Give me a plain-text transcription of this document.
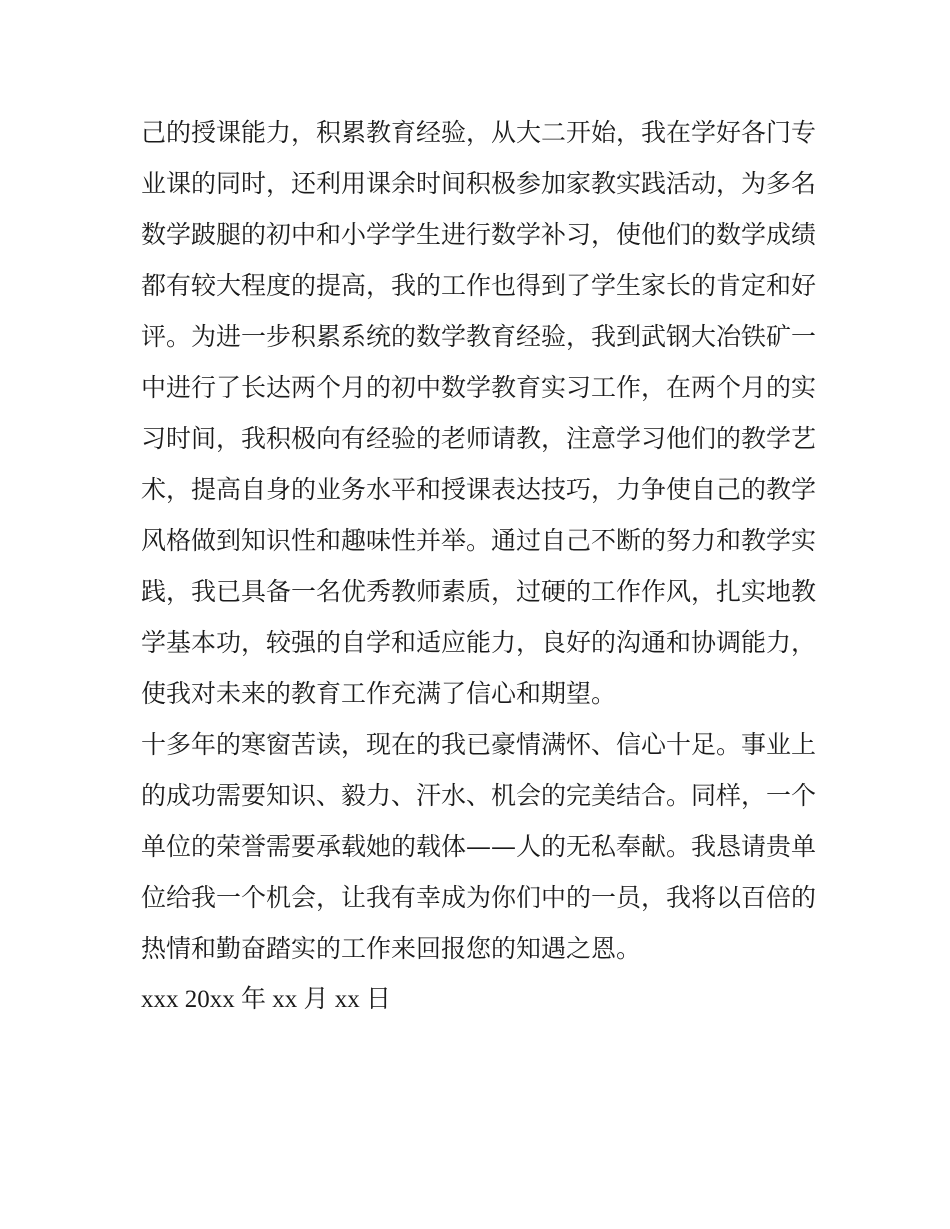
己的授课能力，积累教育经验，从大二开始，我在学好各门专
业课的同时，还利用课余时间积极参加家教实践活动，为多名
数学跛腿的初中和小学学生进行数学补习，使他们的数学成绩
都有较大程度的提高，我的工作也得到了学生家长的肯定和好
评。为进一步积累系统的数学教育经验，我到武钢大冶铁矿一
中进行了长达两个月的初中数学教育实习工作，在两个月的实
习时间，我积极向有经验的老师请教，注意学习他们的教学艺
术，提高自身的业务水平和授课表达技巧，力争使自己的教学
风格做到知识性和趣味性并举。通过自己不断的努力和教学实
践，我已具备一名优秀教师素质，过硬的工作作风，扎实地教
学基本功，较强的自学和适应能力，良好的沟通和协调能力，
使我对未来的教育工作充满了信心和期望。
十多年的寒窗苦读，现在的我已豪情满怀、信心十足。事业上
的成功需要知识、毅力、汗水、机会的完美结合。同样，一个
单位的荣誉需要承载她的载体——人的无私奉献。我恳请贵单
位给我一个机会，让我有幸成为你们中的一员，我将以百倍的
热情和勤奋踏实的工作来回报您的知遇之恩。
xxx 20xx 年 xx 月 xx 日
